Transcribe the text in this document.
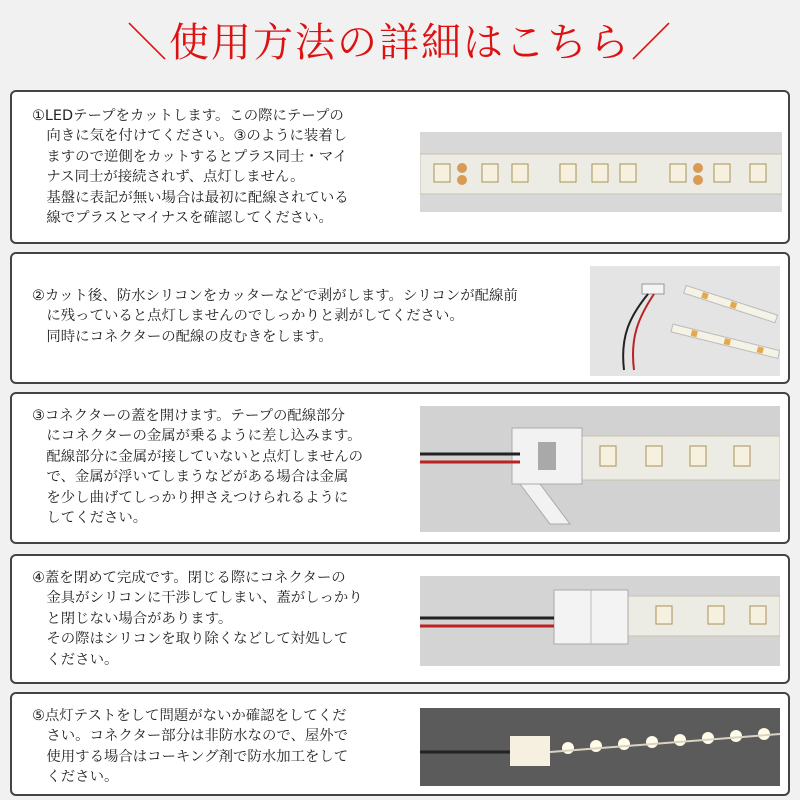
＼使用方法の詳細はこちら／
①LEDテープをカットします。この際にテープの
　向きに気を付けてください。③のように装着し
　ますので逆側をカットするとプラス同士・マイ
　ナス同士が接続されず、点灯しません。
　基盤に表記が無い場合は最初に配線されている
　線でプラスとマイナスを確認してください。
②カット後、防水シリコンをカッターなどで剥がします。シリコンが配線前
　に残っていると点灯しませんのでしっかりと剥がしてください。
　同時にコネクターの配線の皮むきをします。
③コネクターの蓋を開けます。テープの配線部分
　にコネクターの金属が乗るように差し込みます。
　配線部分に金属が接していないと点灯しませんの
　で、金属が浮いてしまうなどがある場合は金属
　を少し曲げてしっかり押さえつけられるように
　してください。
④蓋を閉めて完成です。閉じる際にコネクターの
　金具がシリコンに干渉してしまい、蓋がしっかり
　と閉じない場合があります。
　その際はシリコンを取り除くなどして対処して
　ください。
⑤点灯テストをして問題がないか確認をしてくだ
　さい。コネクター部分は非防水なので、屋外で
　使用する場合はコーキング剤で防水加工をして
　ください。
